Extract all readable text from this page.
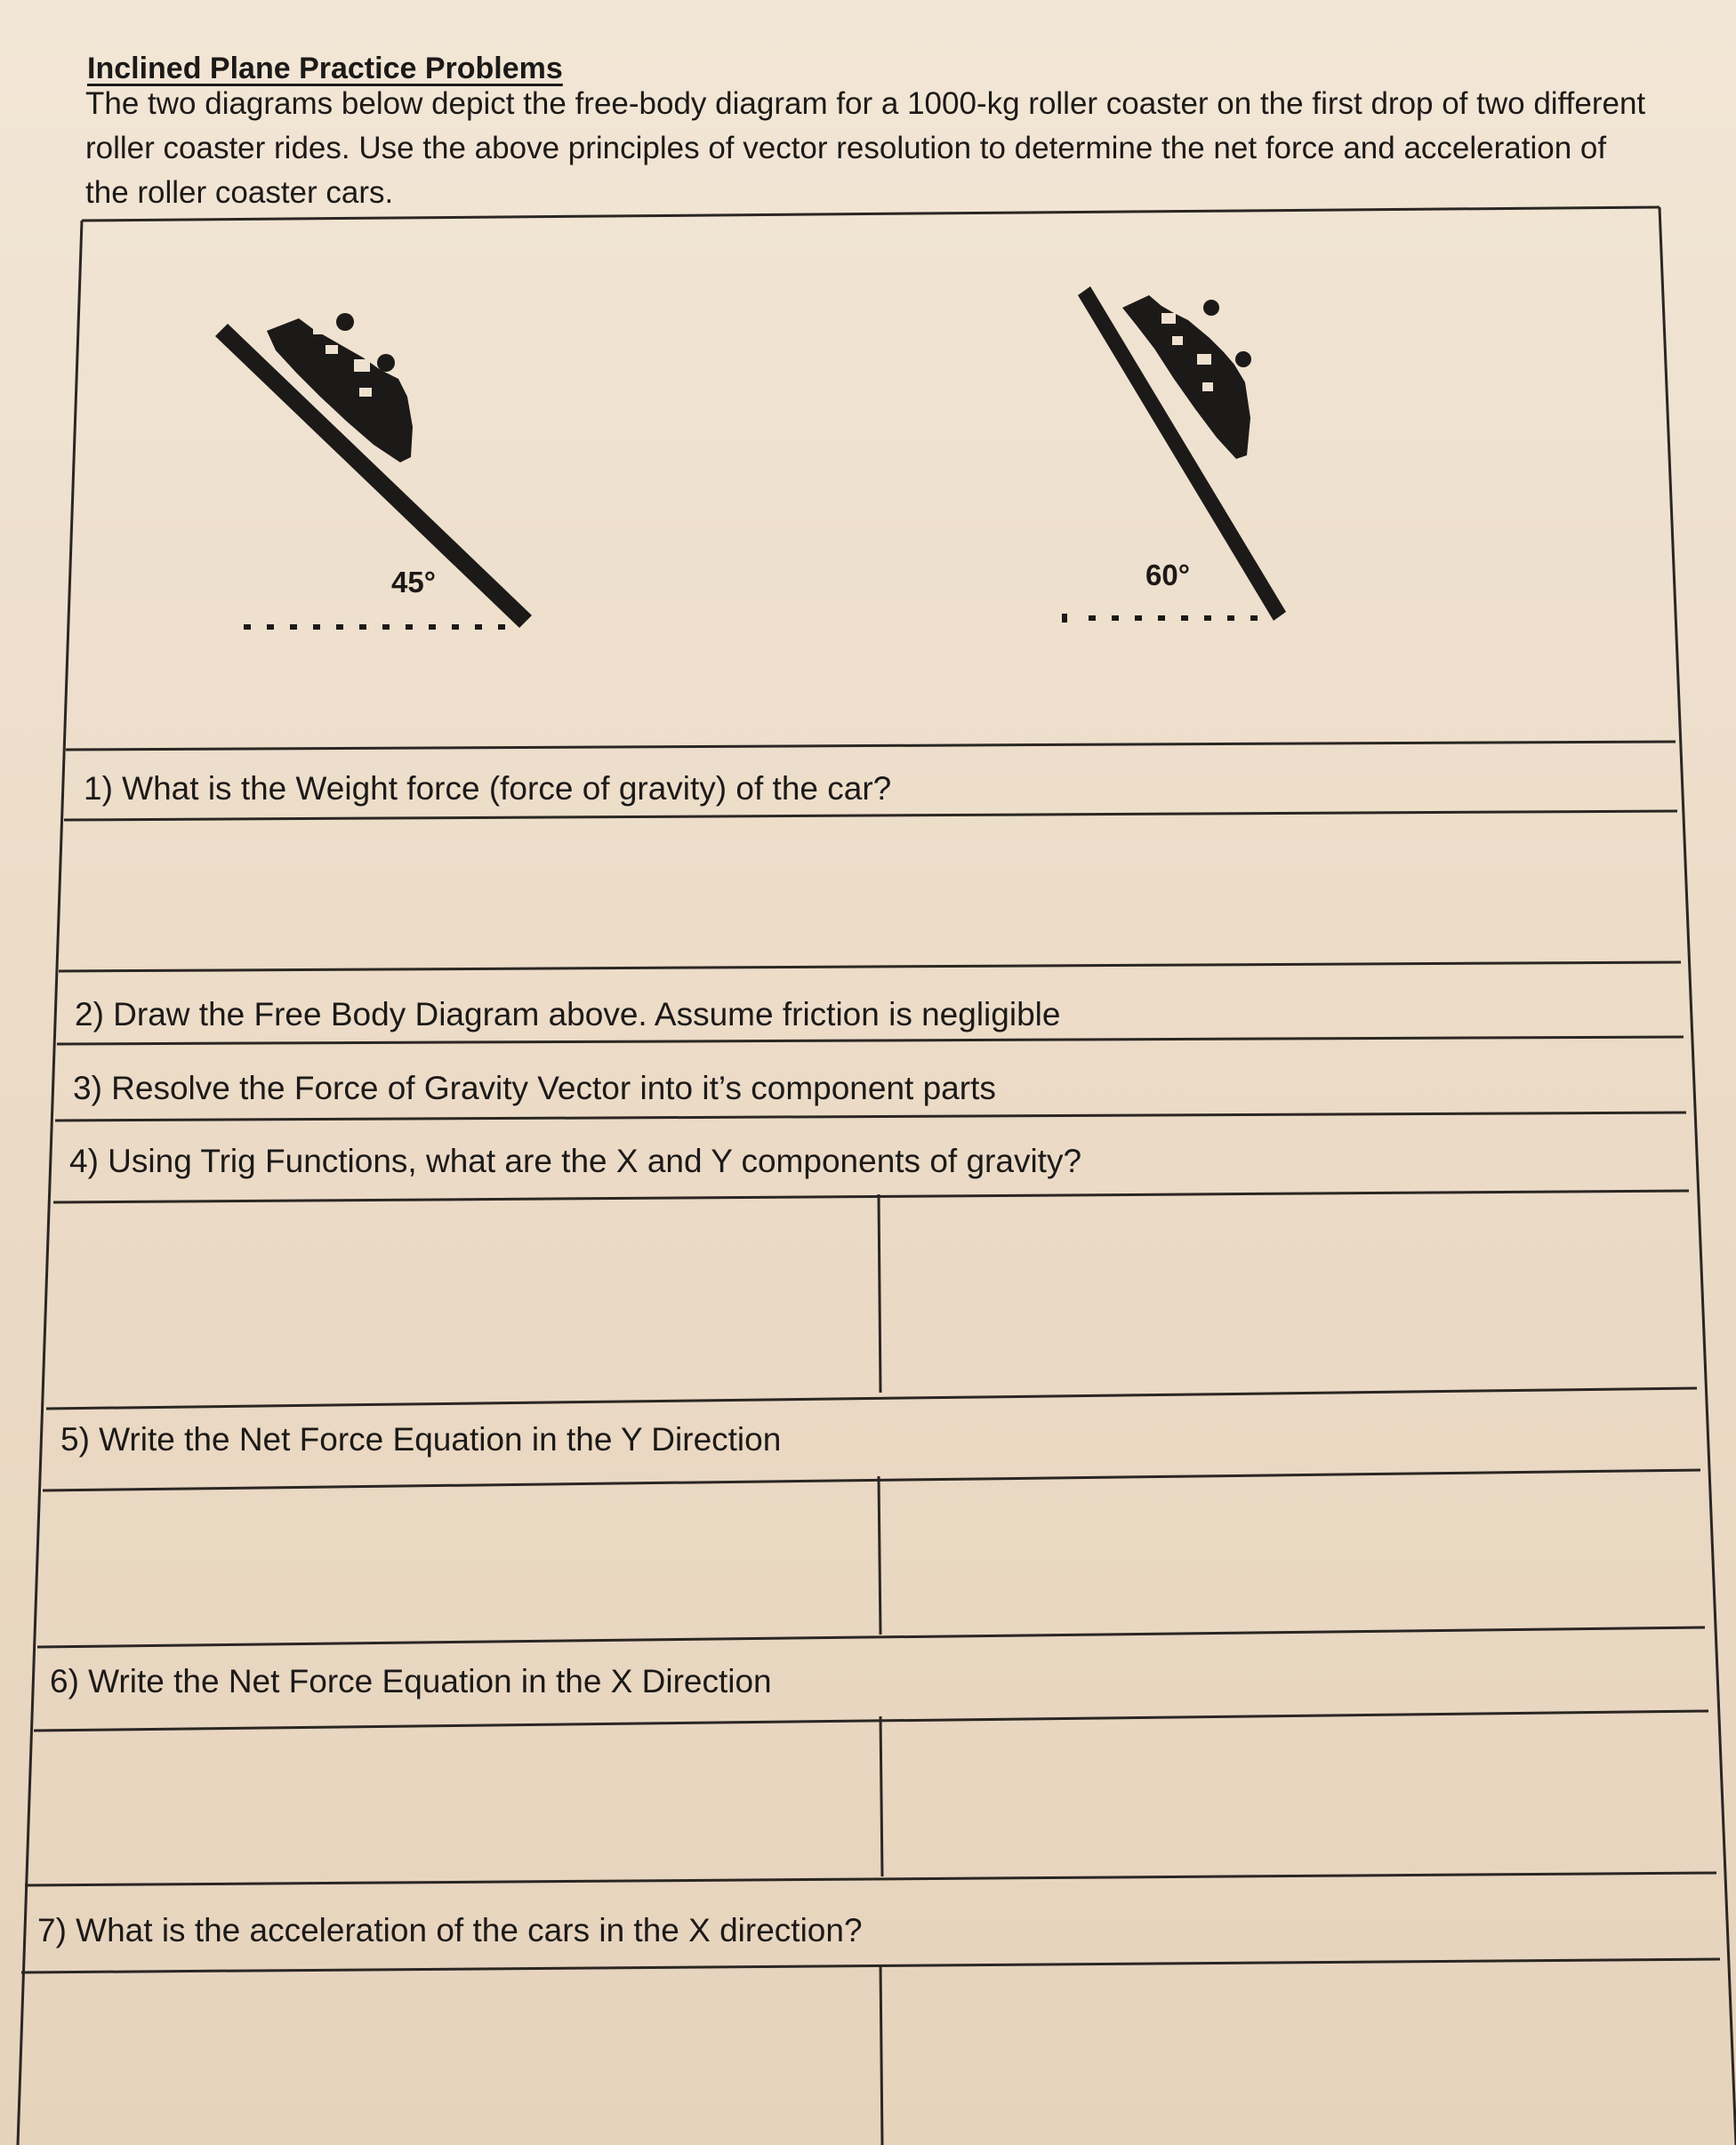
Inclined Plane Practice Problems
The two diagrams below depict the free-body diagram for a 1000-kg roller coaster on the first drop of two different roller coaster rides. Use the above principles of vector resolution to determine the net force and acceleration of the roller coaster cars.
45°	60°
1) What is the Weight force (force of gravity) of the car?
2) Draw the Free Body Diagram above. Assume friction is negligible
3) Resolve the Force of Gravity Vector into it’s component parts
4) Using Trig Functions, what are the X and Y components of gravity?
5) Write the Net Force Equation in the Y Direction
6) Write the Net Force Equation in the X Direction
7) What is the acceleration of the cars in the X direction?
